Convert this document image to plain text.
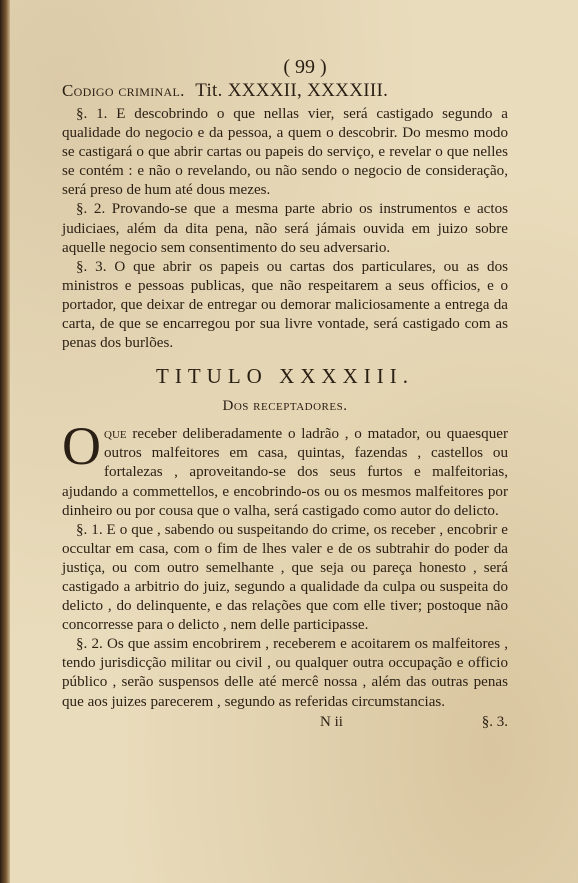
( 99 )
Codigo criminal. Tit. XXXXII, XXXXIII.

§. 1. E descobrindo o que nellas vier, será castigado segundo a qualidade do negocio e da pessoa, a quem o descobrir. Do mesmo modo se castigará o que abrir cartas ou papeis do serviço, e revelar o que nelles se contém : e não o revelando, ou não sendo o negocio de consideração, será preso de hum até dous mezes.

§. 2. Provando-se que a mesma parte abrio os instrumentos e actos judiciaes, além da dita pena, não será jámais ouvida em juizo sobre aquelle negocio sem consentimento do seu adversario.

§. 3. O que abrir os papeis ou cartas dos particulares, ou as dos ministros e pessoas publicas, que não respeitarem a seus officios, e o portador, que deixar de entregar ou demorar maliciosamente a entrega da carta, de que se encarregou por sua livre vontade, será castigado com as penas dos burlões.

TITULO XXXXIII.
Dos receptadores.

Oque receber deliberadamente o ladrão , o matador, ou quaesquer outros malfeitores em casa, quintas, fazendas , castellos ou fortalezas , aproveitando-se dos seus furtos e malfeitorias, ajudando a commettellos, e encobrindo-os ou os mesmos malfeitores por dinheiro ou por cousa que o valha, será castigado como autor do delicto.

§. 1. E o que , sabendo ou suspeitando do crime, os receber , encobrir e occultar em casa, com o fim de lhes valer e de os subtrahir do poder da justiça, ou com outro semelhante , que seja ou pareça honesto , será castigado a arbitrio do juiz, segundo a qualidade da culpa ou suspeita do delicto , do delinquente, e das relações que com elle tiver; postoque não concorresse para o delicto , nem delle participasse.

§. 2. Os que assim encobrirem , receberem e acoitarem os malfeitores , tendo jurisdicção militar ou civil , ou qualquer outra occupação e officio público , serão suspensos delle até mercê nossa , além das outras penas que aos juizes parecerem , segundo as referidas circumstancias.

N ii	§. 3.
